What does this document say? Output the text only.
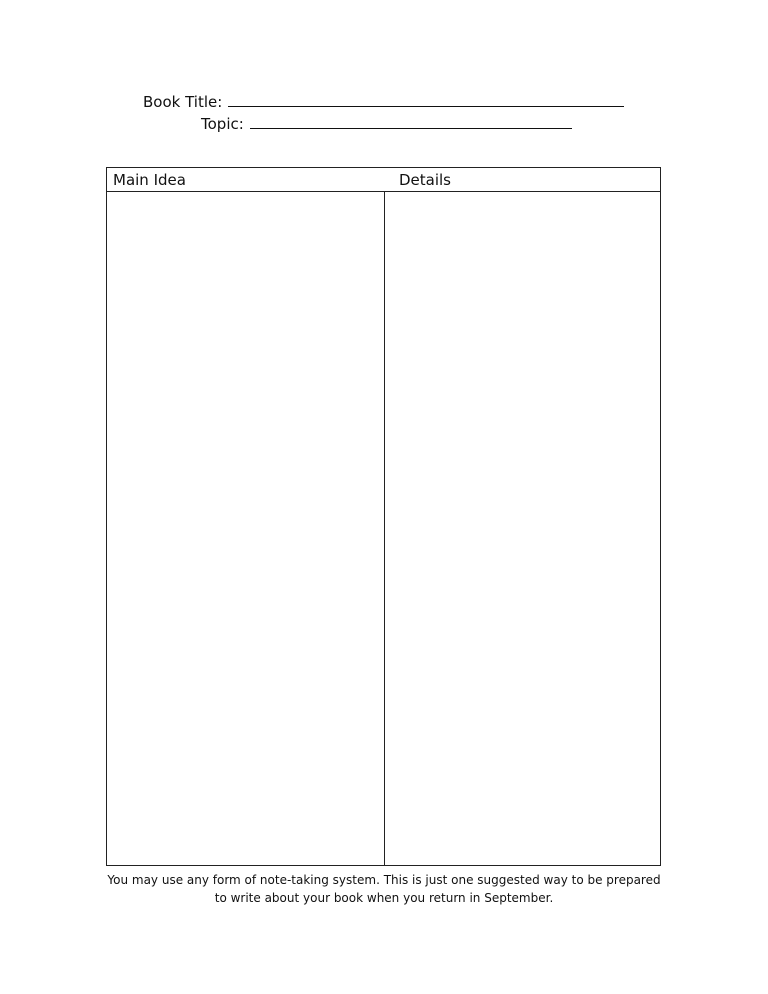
Book Title:
Topic:
Main Idea	Details
You may use any form of note-taking system. This is just one suggested way to be prepared
to write about your book when you return in September.
